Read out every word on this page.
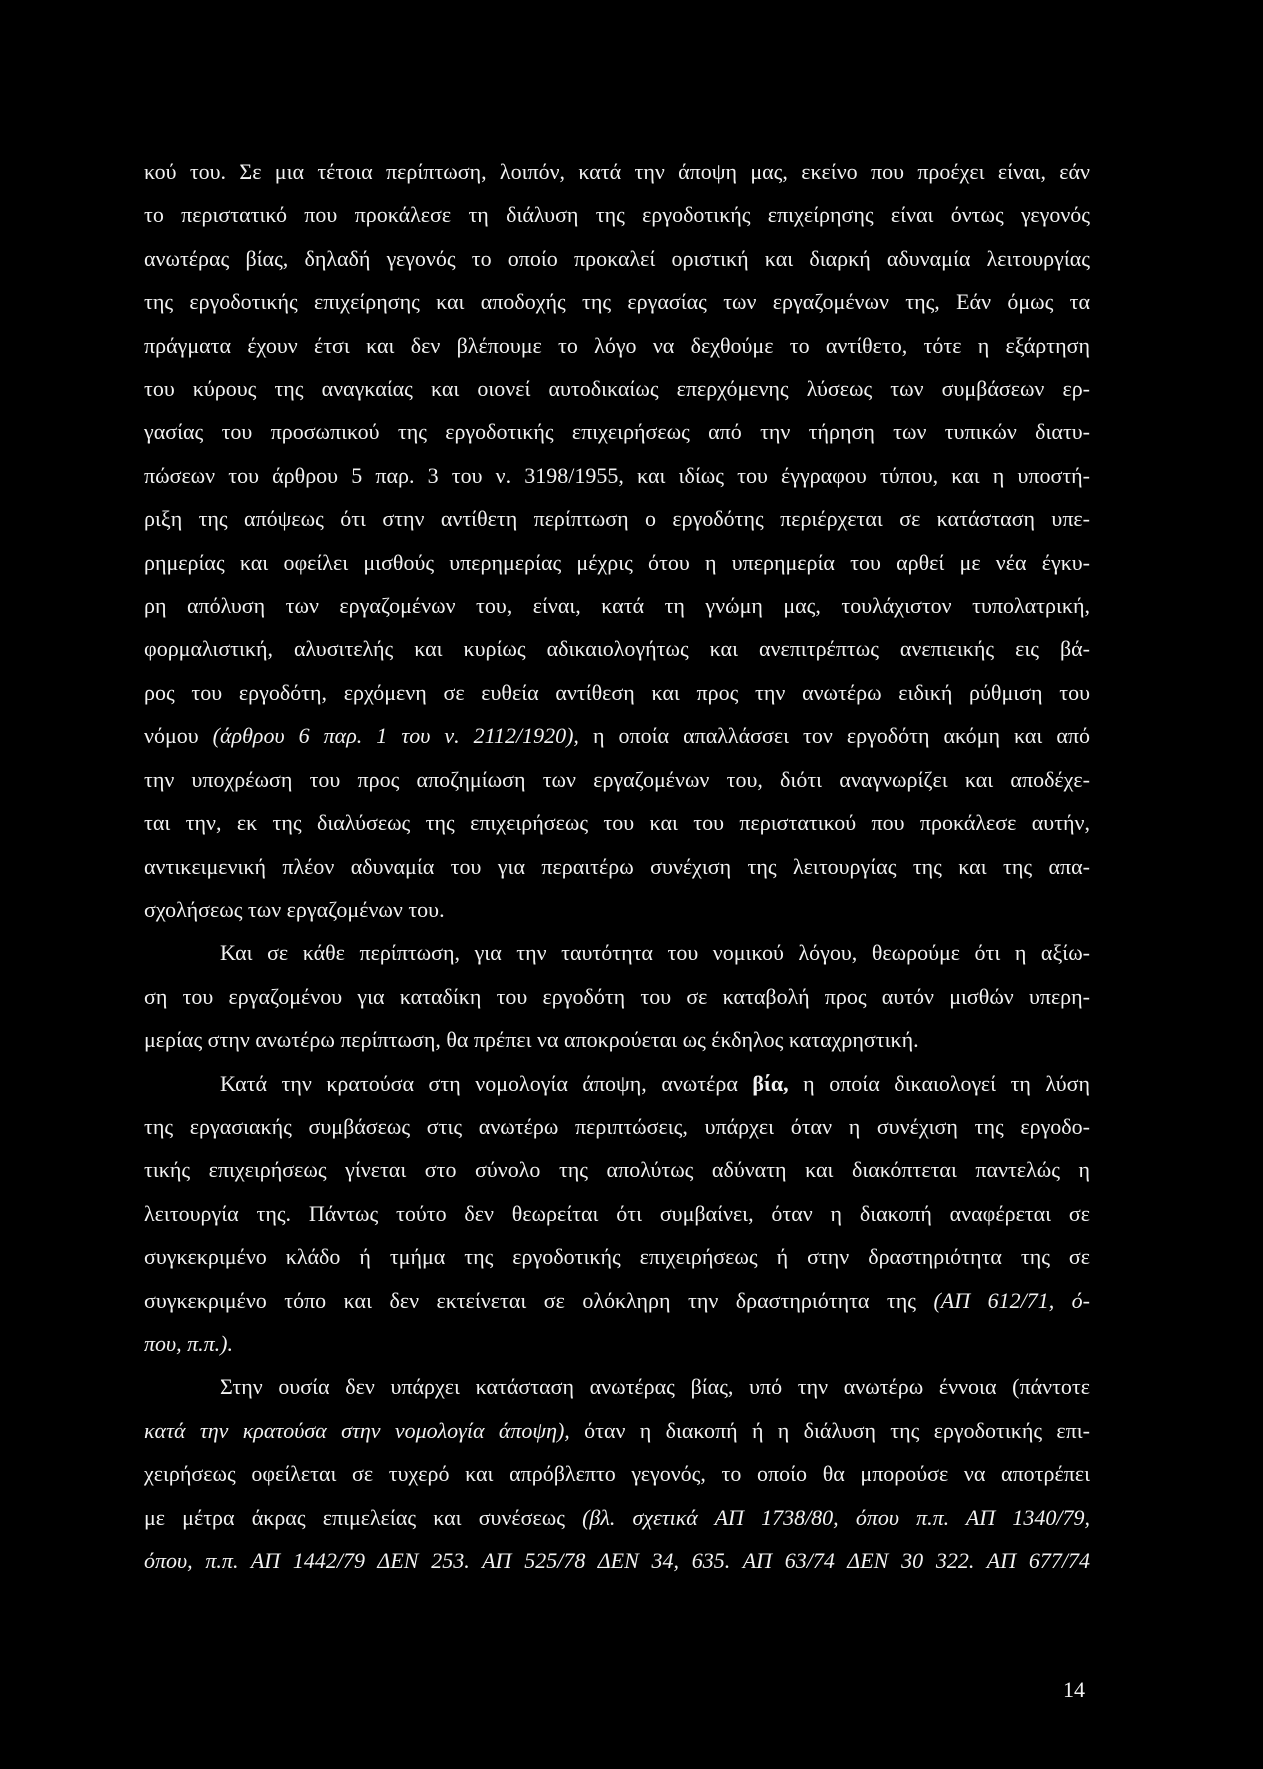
κού του. Σε μια τέτοια περίπτωση, λοιπόν, κατά την άποψη μας, εκείνο που προέχει είναι, εάν
το περιστατικό που προκάλεσε τη διάλυση της εργοδοτικής επιχείρησης είναι όντως γεγονός
ανωτέρας βίας, δηλαδή γεγονός το οποίο προκαλεί οριστική και διαρκή αδυναμία λειτουργίας
της εργοδοτικής επιχείρησης και αποδοχής της εργασίας των εργαζομένων της, Εάν όμως τα
πράγματα έχουν έτσι και δεν βλέπουμε το λόγο να δεχθούμε το αντίθετο, τότε η εξάρτηση
του κύρους της αναγκαίας και οιονεί αυτοδικαίως επερχόμενης λύσεως των συμβάσεων ερ-
γασίας του προσωπικού της εργοδοτικής επιχειρήσεως από την τήρηση των τυπικών διατυ-
πώσεων του άρθρου 5 παρ. 3 του ν. 3198/1955, και ιδίως του έγγραφου τύπου, και η υποστή-
ριξη της απόψεως ότι στην αντίθετη περίπτωση ο εργοδότης περιέρχεται σε κατάσταση υπε-
ρημερίας και οφείλει μισθούς υπερημερίας μέχρις ότου η υπερημερία του αρθεί με νέα έγκυ-
ρη απόλυση των εργαζομένων του, είναι, κατά τη γνώμη μας, τουλάχιστον τυπολατρική,
φορμαλιστική, αλυσιτελής και κυρίως αδικαιολογήτως και ανεπιτρέπτως ανεπιεικής εις βά-
ρος του εργοδότη, ερχόμενη σε ευθεία αντίθεση και προς την ανωτέρω ειδική ρύθμιση του
νόμου (άρθρου 6 παρ. 1 του ν. 2112/1920), η οποία απαλλάσσει τον εργοδότη ακόμη και από
την υποχρέωση του προς αποζημίωση των εργαζομένων του, διότι αναγνωρίζει και αποδέχε-
ται την, εκ της διαλύσεως της επιχειρήσεως του και του περιστατικού που προκάλεσε αυτήν,
αντικειμενική πλέον αδυναμία του για περαιτέρω συνέχιση της λειτουργίας της και της απα-
σχολήσεως των εργαζομένων του.
Και σε κάθε περίπτωση, για την ταυτότητα του νομικού λόγου, θεωρούμε ότι η αξίω-
ση του εργαζομένου για καταδίκη του εργοδότη του σε καταβολή προς αυτόν μισθών υπερη-
μερίας στην ανωτέρω περίπτωση, θα πρέπει να αποκρούεται ως έκδηλος καταχρηστική.
Κατά την κρατούσα στη νομολογία άποψη, ανωτέρα βία, η οποία δικαιολογεί τη λύση
της εργασιακής συμβάσεως στις ανωτέρω περιπτώσεις, υπάρχει όταν η συνέχιση της εργοδο-
τικής επιχειρήσεως γίνεται στο σύνολο της απολύτως αδύνατη και διακόπτεται παντελώς η
λειτουργία της. Πάντως τούτο δεν θεωρείται ότι συμβαίνει, όταν η διακοπή αναφέρεται σε
συγκεκριμένο κλάδο ή τμήμα της εργοδοτικής επιχειρήσεως ή στην δραστηριότητα της σε
συγκεκριμένο τόπο και δεν εκτείνεται σε ολόκληρη την δραστηριότητα της (ΑΠ 612/71, ό-
που, π.π.).
Στην ουσία δεν υπάρχει κατάσταση ανωτέρας βίας, υπό την ανωτέρω έννοια (πάντοτε
κατά την κρατούσα στην νομολογία άποψη), όταν η διακοπή ή η διάλυση της εργοδοτικής επι-
χειρήσεως οφείλεται σε τυχερό και απρόβλεπτο γεγονός, το οποίο θα μπορούσε να αποτρέπει
με μέτρα άκρας επιμελείας και συνέσεως (βλ. σχετικά ΑΠ 1738/80, όπου π.π. ΑΠ 1340/79,
όπου, π.π. ΑΠ 1442/79 ΔΕΝ 253. ΑΠ 525/78 ΔΕΝ 34, 635. ΑΠ 63/74 ΔΕΝ 30 322. ΑΠ 677/74
14
